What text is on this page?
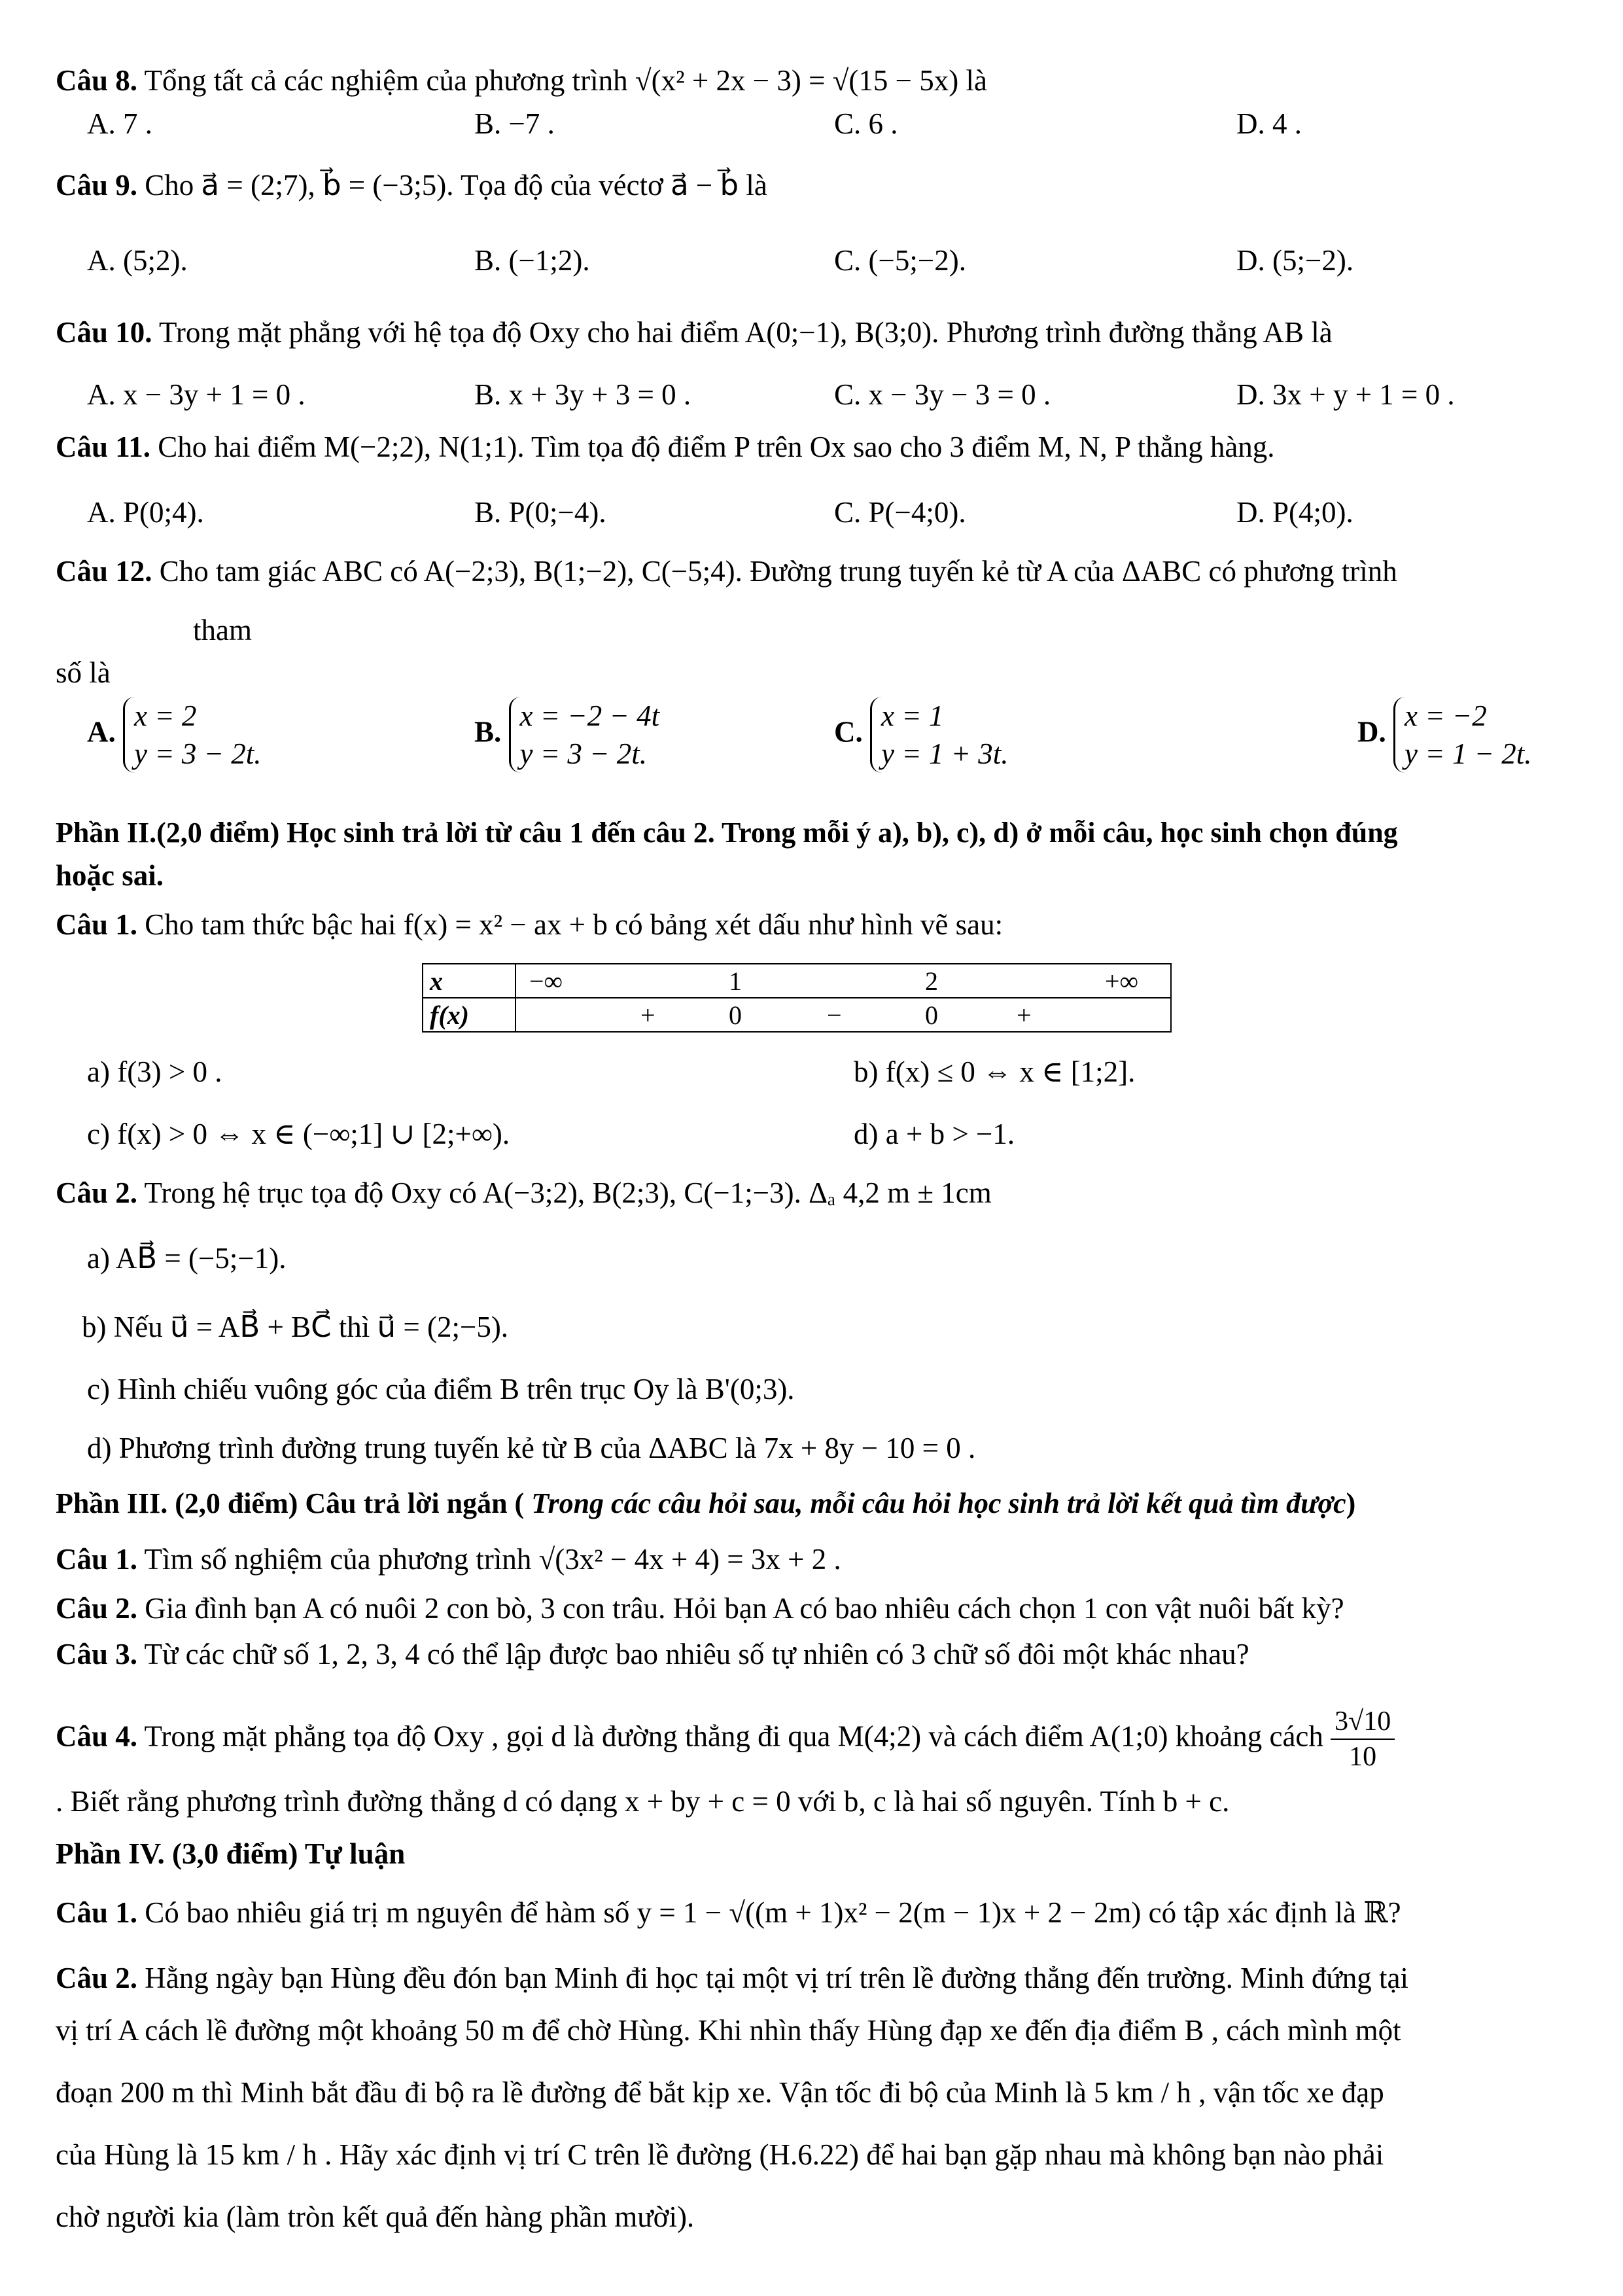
Câu 8. Tổng tất cả các nghiệm của phương trình √(x² + 2x − 3) = √(15 − 5x) là
A. 7 .	B. −7 .	C. 6 .	D. 4 .
Câu 9. Cho a⃗ = (2;7), b⃗ = (−3;5). Tọa độ của véctơ a⃗ − b⃗ là
A. (5;2).	B. (−1;2).	C. (−5;−2).	D. (5;−2).
Câu 10. Trong mặt phẳng với hệ tọa độ Oxy cho hai điểm A(0;−1), B(3;0). Phương trình đường thẳng AB là
A. x − 3y + 1 = 0 .	B. x + 3y + 3 = 0 .	C. x − 3y − 3 = 0 .	D. 3x + y + 1 = 0 .
Câu 11. Cho hai điểm M(−2;2), N(1;1). Tìm tọa độ điểm P trên Ox sao cho 3 điểm M, N, P thẳng hàng.
A. P(0;4).	B. P(0;−4).	C. P(−4;0).	D. P(4;0).
Câu 12. Cho tam giác ABC có A(−2;3), B(1;−2), C(−5;4). Đường trung tuyến kẻ từ A của ΔABC có phương trình
tham
số là
A. x = 2
y = 3 − 2t.
B. x = −2 − 4t
y = 3 − 2t.
C. x = 1
y = 1 + 3t.
D. x = −2
y = 1 − 2t.
Phần II.(2,0 điểm) Học sinh trả lời từ câu 1 đến câu 2. Trong mỗi ý a), b), c), d) ở mỗi câu, học sinh chọn đúng
hoặc sai.
Câu 1. Cho tam thức bậc hai f(x) = x² − ax + b có bảng xét dấu như hình vẽ sau:
x	−∞ 1 2 +∞

f(x)	+ 0 − 0 +
a) f(3) > 0 .	b) f(x) ≤ 0 ⇔ x ∈ [1;2].
c) f(x) > 0 ⇔ x ∈ (−∞;1] ∪ [2;+∞).	d) a + b > −1.
Câu 2. Trong hệ trục tọa độ Oxy có A(−3;2), B(2;3), C(−1;−3). Δₐ 4,2 m ± 1cm
a) AB⃗ = (−5;−1).
b) Nếu u⃗ = AB⃗ + BC⃗ thì u⃗ = (2;−5).
c) Hình chiếu vuông góc của điểm B trên trục Oy là B'(0;3).
d) Phương trình đường trung tuyến kẻ từ B của ΔABC là 7x + 8y − 10 = 0 .
Phần III. (2,0 điểm) Câu trả lời ngắn ( Trong các câu hỏi sau, mỗi câu hỏi học sinh trả lời kết quả tìm được)
Câu 1. Tìm số nghiệm của phương trình √(3x² − 4x + 4) = 3x + 2 .
Câu 2. Gia đình bạn A có nuôi 2 con bò, 3 con trâu. Hỏi bạn A có bao nhiêu cách chọn 1 con vật nuôi bất kỳ?
Câu 3. Từ các chữ số 1, 2, 3, 4 có thể lập được bao nhiêu số tự nhiên có 3 chữ số đôi một khác nhau?
Câu 4. Trong mặt phẳng tọa độ Oxy , gọi d là đường thẳng đi qua M(4;2) và cách điểm A(1;0) khoảng cách $\frac{3√10}{10}$
. Biết rằng phương trình đường thẳng d có dạng x + by + c = 0 với b, c là hai số nguyên. Tính b + c.
Phần IV. (3,0 điểm) Tự luận
Câu 1. Có bao nhiêu giá trị m nguyên để hàm số y = 1 − √((m + 1)x² − 2(m − 1)x + 2 − 2m) có tập xác định là ℝ?
Câu 2. Hằng ngày bạn Hùng đều đón bạn Minh đi học tại một vị trí trên lề đường thẳng đến trường. Minh đứng tại
vị trí A cách lề đường một khoảng 50 m để chờ Hùng. Khi nhìn thấy Hùng đạp xe đến địa điểm B , cách mình một
đoạn 200 m thì Minh bắt đầu đi bộ ra lề đường để bắt kịp xe. Vận tốc đi bộ của Minh là 5 km / h , vận tốc xe đạp
của Hùng là 15 km / h . Hãy xác định vị trí C trên lề đường (H.6.22) để hai bạn gặp nhau mà không bạn nào phải
chờ người kia (làm tròn kết quả đến hàng phần mười).
